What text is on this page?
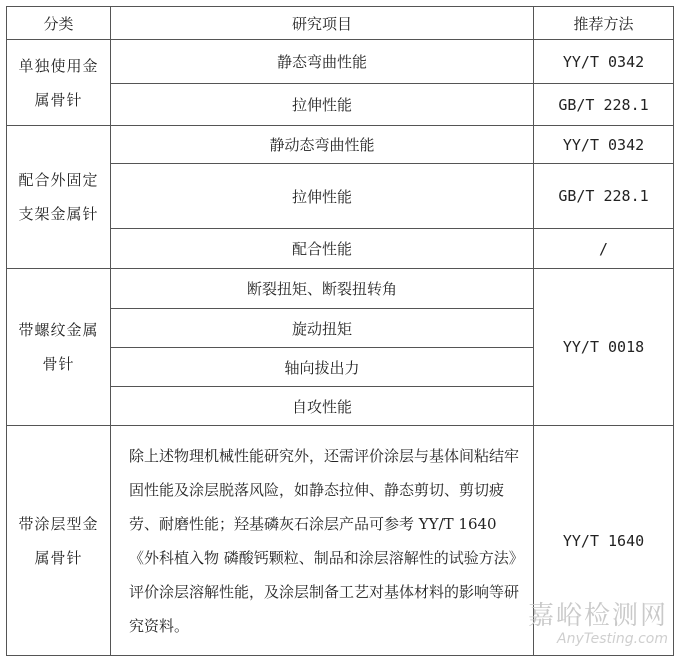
分类	研究项目	推荐方法
单独使用金属骨针	静态弯曲性能	YY/T 0342
	拉伸性能	GB/T 228.1
配合外固定支架金属针	静动态弯曲性能	YY/T 0342
	拉伸性能	GB/T 228.1
	配合性能	/
带螺纹金属骨针	断裂扭矩、断裂扭转角	YY/T 0018
	旋动扭矩	
	轴向拔出力	
	自攻性能	
带涂层型金属骨针	除上述物理机械性能研究外，还需评价涂层与基体间粘结牢固性能及涂层脱落风险，如静态拉伸、静态剪切、剪切疲劳、耐磨性能；羟基磷灰石涂层产品可参考 YY/T 1640《外科植入物 磷酸钙颗粒、制品和涂层溶解性的试验方法》评价涂层溶解性能，及涂层制备工艺对基体材料的影响等研究资料。	YY/T 1640
嘉峪检测网
AnyTesting.com
